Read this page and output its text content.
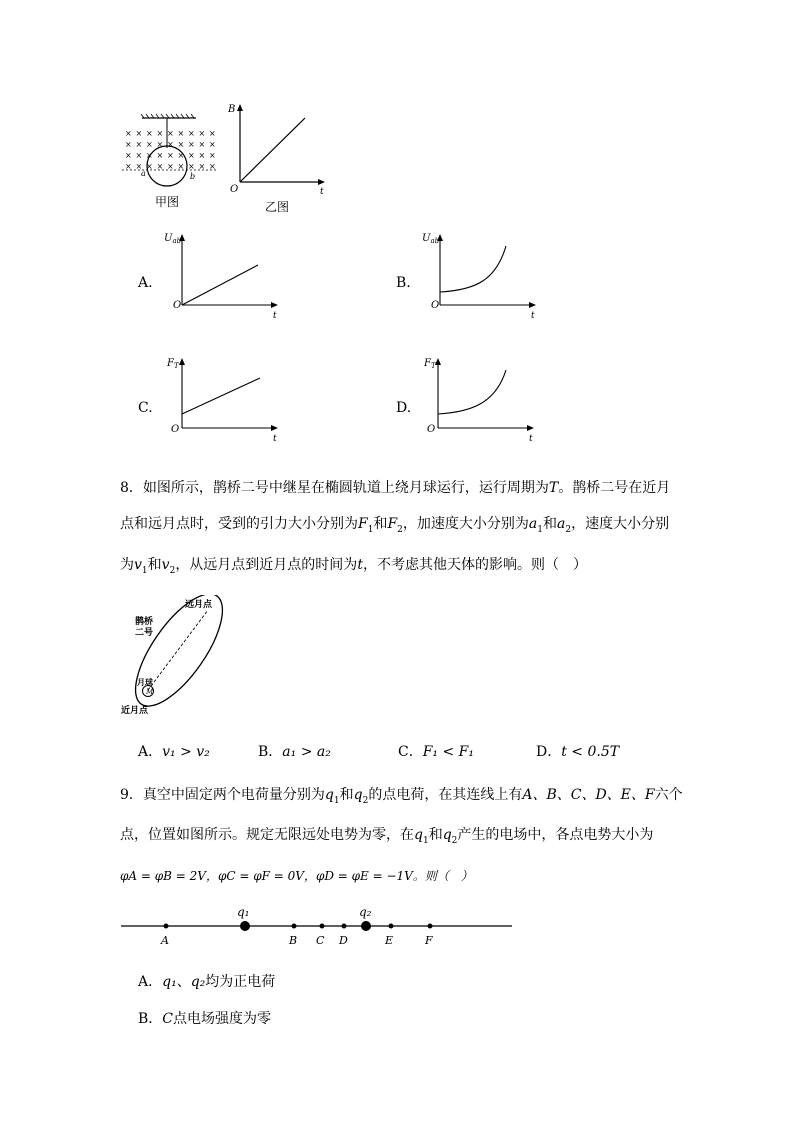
× × × × × × × × ×
× × × × × × × × ×
× × × × × × × × ×
× × × × × × × × ×
a	b
甲图
B
O	t
乙图
A.
$U_{ab}$
O
t
B.
$U_{ab}$
O
t
C.
$F_T$
O
t
D.
$F_T$
O
t
8．如图所示，鹊桥二号中继星在椭圆轨道上绕月球运行，运行周期为T。鹊桥二号在近月
点和远月点时，受到的引力大小分别为$F_1$和$F_2$，加速度大小分别为$a_1$和$a_2$，速度大小分别
为$v_1$和$v_2$，从远月点到近月点的时间为t，不考虑其他天体的影响。则（　）
M
远月点
鹊桥
二号
月球
近月点
A．v₁ > v₂	B．a₁ > a₂	C．F₁ < F₁	D．t < 0.5T
9．真空中固定两个电荷量分别为$q_1$和$q_2$的点电荷，在其连线上有A、B、C、D、E、F六个
点，位置如图所示。规定无限远处电势为零，在$q_1$和$q_2$产生的电场中，各点电势大小为
φA = φB = 2V，φC = φF = 0V，φD = φE = −1V。则（　）
q₁	q₂
A	B C D	E	F
A．q₁、q₂均为正电荷
B．C点电场强度为零
